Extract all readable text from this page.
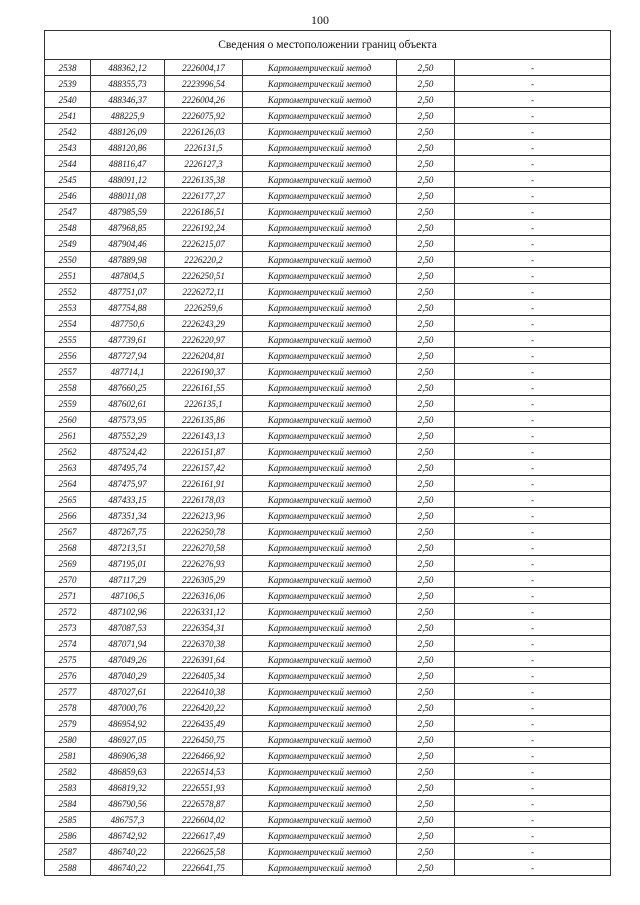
100
Сведения о местоположении границ объекта					
2538	488362,12	2226004,17	Картометрический метод	2,50	-
2539	488355,73	2223996,54	Картометрический метод	2,50	-
2540	488346,37	2226004,26	Картометрический метод	2,50	-
2541	488225,9	2226075,92	Картометрический метод	2,50	-
2542	488126,09	2226126,03	Картометрический метод	2,50	-
2543	488120,86	2226131,5	Картометрический метод	2,50	-
2544	488116,47	2226127,3	Картометрический метод	2,50	-
2545	488091,12	2226135,38	Картометрический метод	2,50	-
2546	488011,08	2226177,27	Картометрический метод	2,50	-
2547	487985,59	2226186,51	Картометрический метод	2,50	-
2548	487968,85	2226192,24	Картометрический метод	2,50	-
2549	487904,46	2226215,07	Картометрический метод	2,50	-
2550	487889,98	2226220,2	Картометрический метод	2,50	-
2551	487804,5	2226250,51	Картометрический метод	2,50	-
2552	487751,07	2226272,11	Картометрический метод	2,50	-
2553	487754,88	2226259,6	Картометрический метод	2,50	-
2554	487750,6	2226243,29	Картометрический метод	2,50	-
2555	487739,61	2226220,97	Картометрический метод	2,50	-
2556	487727,94	2226204,81	Картометрический метод	2,50	-
2557	487714,1	2226190,37	Картометрический метод	2,50	-
2558	487660,25	2226161,55	Картометрический метод	2,50	-
2559	487602,61	2226135,1	Картометрический метод	2,50	-
2560	487573,95	2226135,86	Картометрический метод	2,50	-
2561	487552,29	2226143,13	Картометрический метод	2,50	-
2562	487524,42	2226151,87	Картометрический метод	2,50	-
2563	487495,74	2226157,42	Картометрический метод	2,50	-
2564	487475,97	2226161,91	Картометрический метод	2,50	-
2565	487433,15	2226178,03	Картометрический метод	2,50	-
2566	487351,34	2226213,96	Картометрический метод	2,50	-
2567	487267,75	2226250,78	Картометрический метод	2,50	-
2568	487213,51	2226270,58	Картометрический метод	2,50	-
2569	487195,01	2226276,93	Картометрический метод	2,50	-
2570	487117,29	2226305,29	Картометрический метод	2,50	-
2571	487106,5	2226316,06	Картометрический метод	2,50	-
2572	487102,96	2226331,12	Картометрический метод	2,50	-
2573	487087,53	2226354,31	Картометрический метод	2,50	-
2574	487071,94	2226370,38	Картометрический метод	2,50	-
2575	487049,26	2226391,64	Картометрический метод	2,50	-
2576	487040,29	2226405,34	Картометрический метод	2,50	-
2577	487027,61	2226410,38	Картометрический метод	2,50	-
2578	487000,76	2226420,22	Картометрический метод	2,50	-
2579	486954,92	2226435,49	Картометрический метод	2,50	-
2580	486927,05	2226450,75	Картометрический метод	2,50	-
2581	486906,38	2226466,92	Картометрический метод	2,50	-
2582	486859,63	2226514,53	Картометрический метод	2,50	-
2583	486819,32	2226551,93	Картометрический метод	2,50	-
2584	486790,56	2226578,87	Картометрический метод	2,50	-
2585	486757,3	2226604,02	Картометрический метод	2,50	-
2586	486742,92	2226617,49	Картометрический метод	2,50	-
2587	486740,22	2226625,58	Картометрический метод	2,50	-
2588	486740,22	2226641,75	Картометрический метод	2,50	-
